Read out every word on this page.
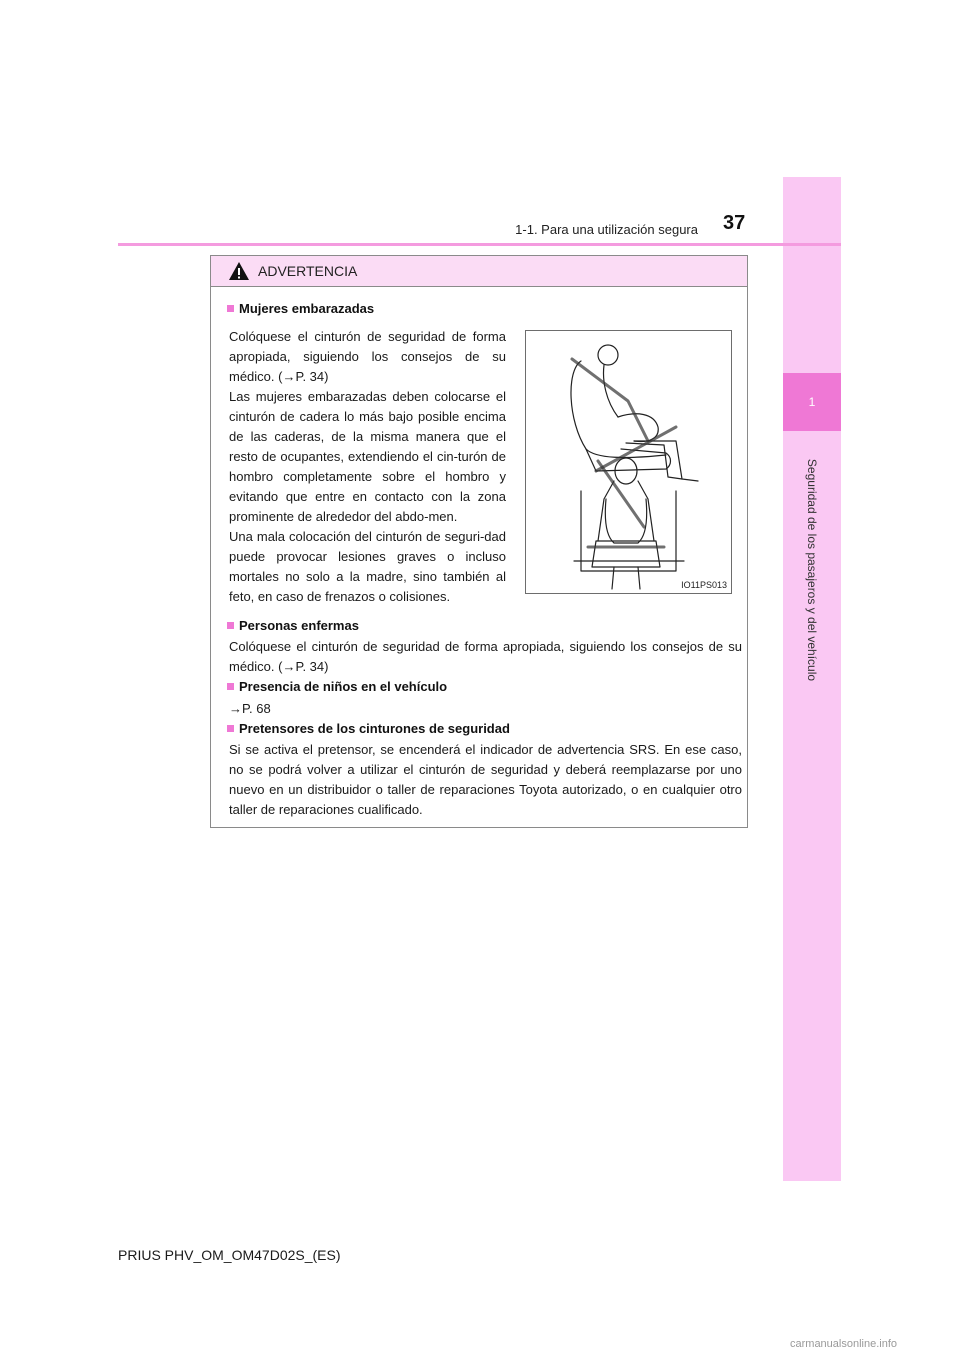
1
Seguridad de los pasajeros y del vehículo
1-1. Para una utilización segura 37
ADVERTENCIA
Mujeres embarazadas
Colóquese el cinturón de seguridad de forma apropiada, siguiendo los consejos de su médico. (→P. 34)
Las mujeres embarazadas deben colocarse el cinturón de cadera lo más bajo posible encima de las caderas, de la misma manera que el resto de ocupantes, extendiendo el cin-turón de hombro completamente sobre el hombro y evitando que entre en contacto con la zona prominente de alrededor del abdo-men.
Una mala colocación del cinturón de seguri-dad puede provocar lesiones graves o incluso mortales no solo a la madre, sino también al feto, en caso de frenazos o colisiones.
IO11PS013
Personas enfermas
Colóquese el cinturón de seguridad de forma apropiada, siguiendo los consejos de su médico. (→P. 34)
Presencia de niños en el vehículo
→P. 68
Pretensores de los cinturones de seguridad
Si se activa el pretensor, se encenderá el indicador de advertencia SRS. En ese caso, no se podrá volver a utilizar el cinturón de seguridad y deberá reemplazarse por uno nuevo en un distribuidor o taller de reparaciones Toyota autorizado, o en cualquier otro taller de reparaciones cualificado.
PRIUS PHV_OM_OM47D02S_(ES)
carmanualsonline.info
